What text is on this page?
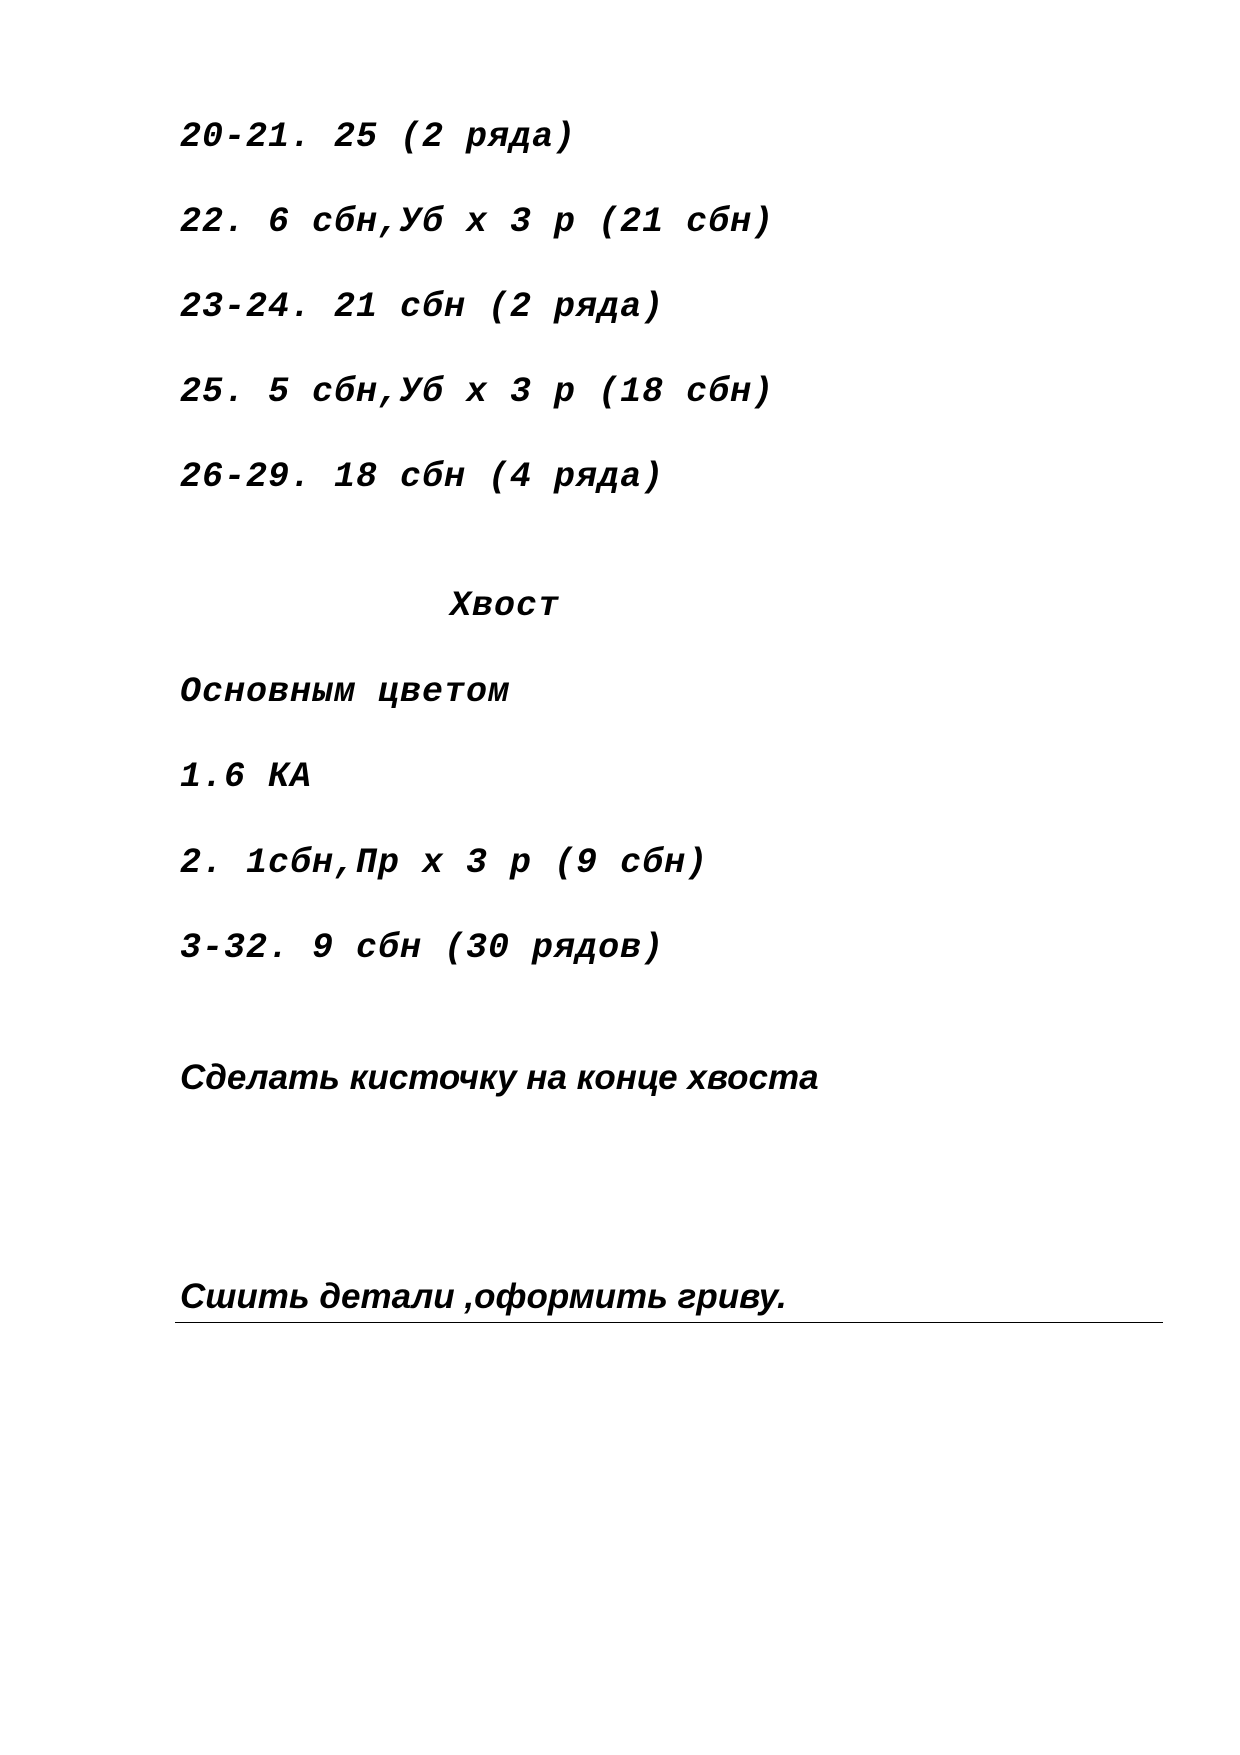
20-21. 25 (2 ряда)

22. 6 сбн,Уб х 3 р (21 сбн)

23-24. 21 сбн (2 ряда)

25. 5 сбн,Уб х 3 р (18 сбн)

26-29. 18 сбн (4 ряда)

Хвост

Основным цветом

1.6 КА

2. 1сбн,Пр х 3 р (9 сбн)

3-32. 9 сбн (30 рядов)

Сделать кисточку на конце хвоста

Сшить детали ,оформить гриву.
